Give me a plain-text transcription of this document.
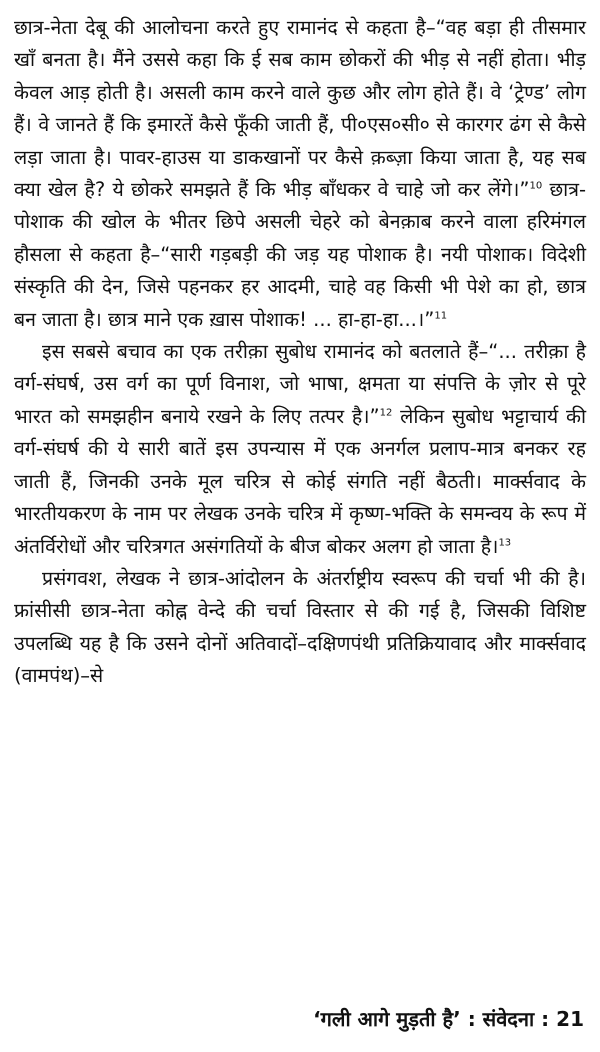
छात्र-नेता देबू की आलोचना करते हुए रामानंद से कहता है–“वह बड़ा ही तीसमार खाँ बनता है। मैंने उससे कहा कि ई सब काम छोकरों की भीड़ से नहीं होता। भीड़ केवल आड़ होती है। असली काम करने वाले कुछ और लोग होते हैं। वे ‘ट्रेण्ड’ लोग हैं। वे जानते हैं कि इमारतें कैसे फूँकी जाती हैं, पी०एस०सी० से कारगर ढंग से कैसे लड़ा जाता है। पावर-हाउस या डाकखानों पर कैसे क़ब्ज़ा किया जाता है, यह सब क्या खेल है? ये छोकरे समझते हैं कि भीड़ बाँधकर वे चाहे जो कर लेंगे।”$^{10}$ छात्र-पोशाक की खोल के भीतर छिपे असली चेहरे को बेनक़ाब करने वाला हरिमंगल हौसला से कहता है–“सारी गड़बड़ी की जड़ यह पोशाक है। नयी पोशाक। विदेशी संस्कृति की देन, जिसे पहनकर हर आदमी, चाहे वह किसी भी पेशे का हो, छात्र बन जाता है। छात्र माने एक ख़ास पोशाक! ... हा-हा-हा...।”$^{11}$

इस सबसे बचाव का एक तरीक़ा सुबोध रामानंद को बतलाते हैं–“... तरीक़ा है वर्ग-संघर्ष, उस वर्ग का पूर्ण विनाश, जो भाषा, क्षमता या संपत्ति के ज़ोर से पूरे भारत को समझहीन बनाये रखने के लिए तत्पर है।”$^{12}$ लेकिन सुबोध भट्टाचार्य की वर्ग-संघर्ष की ये सारी बातें इस उपन्यास में एक अनर्गल प्रलाप-मात्र बनकर रह जाती हैं, जिनकी उनके मूल चरित्र से कोई संगति नहीं बैठती। मार्क्सवाद के भारतीयकरण के नाम पर लेखक उनके चरित्र में कृष्ण-भक्ति के समन्वय के रूप में अंतर्विरोधों और चरित्रगत असंगतियों के बीज बोकर अलग हो जाता है।$^{13}$

प्रसंगवश, लेखक ने छात्र-आंदोलन के अंतर्राष्ट्रीय स्वरूप की चर्चा भी की है। फ्रांसीसी छात्र-नेता कोह्न वेन्दे की चर्चा विस्तार से की गई है, जिसकी विशिष्ट उपलब्धि यह है कि उसने दोनों अतिवादों–दक्षिणपंथी प्रतिक्रियावाद और मार्क्सवाद (वामपंथ)–से

‘गली आगे मुड़ती है’ : संवेदना : 21
